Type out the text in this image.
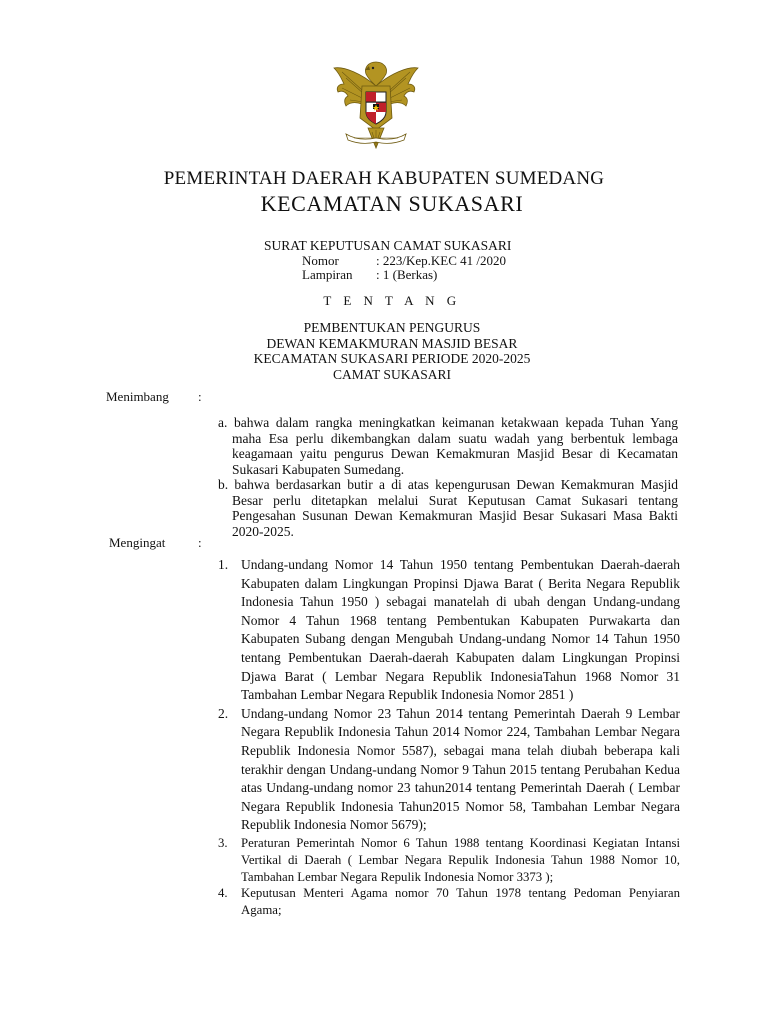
PEMERINTAH DAERAH KABUPATEN SUMEDANG
KECAMATAN SUKASARI
SURAT KEPUTUSAN CAMAT SUKASARI
Nomor	: 223/Kep.KEC 41 /2020
Lampiran : 1 (Berkas)
T E N T A N G
PEMBENTUKAN PENGURUS
DEWAN KEMAKMURAN MASJID BESAR
KECAMATAN SUKASARI PERIODE 2020-2025
CAMAT SUKASARI
Menimbang :
a. bahwa dalam rangka meningkatkan keimanan ketakwaan kepada Tuhan Yang maha Esa perlu dikembangkan dalam suatu wadah yang berbentuk lembaga keagamaan yaitu pengurus Dewan Kemakmuran Masjid Besar di Kecamatan Sukasari Kabupaten Sumedang.
b. bahwa berdasarkan butir a di atas kepengurusan Dewan Kemakmuran Masjid Besar perlu ditetapkan melalui Surat Keputusan Camat Sukasari tentang Pengesahan Susunan Dewan Kemakmuran Masjid Besar Sukasari Masa Bakti 2020-2025.
Mengingat	:
1. Undang-undang Nomor 14 Tahun 1950 tentang Pembentukan Daerah-daerah Kabupaten dalam Lingkungan Propinsi Djawa Barat ( Berita Negara Republik Indonesia Tahun 1950 ) sebagai manatelah di ubah dengan Undang-undang Nomor 4 Tahun 1968 tentang Pembentukan Kabupaten Purwakarta dan Kabupaten Subang dengan Mengubah Undang-undang Nomor 14 Tahun 1950 tentang Pembentukan Daerah-daerah Kabupaten dalam Lingkungan Propinsi Djawa Barat ( Lembar Negara Republik IndonesiaTahun 1968 Nomor 31 Tambahan Lembar Negara Republik Indonesia Nomor 2851 )
2. Undang-undang Nomor 23 Tahun 2014 tentang Pemerintah Daerah 9 Lembar Negara Republik Indonesia Tahun 2014 Nomor 224, Tambahan Lembar Negara Republik Indonesia Nomor 5587), sebagai mana telah diubah beberapa kali terakhir dengan Undang-undang Nomor 9 Tahun 2015 tentang Perubahan Kedua atas Undang-undang nomor 23 tahun2014 tentang Pemerintah Daerah ( Lembar Negara Republik Indonesia Tahun2015 Nomor 58, Tambahan Lembar Negara Republik Indonesia Nomor 5679);
3. Peraturan Pemerintah Nomor 6 Tahun 1988 tentang Koordinasi Kegiatan Intansi Vertikal di Daerah ( Lembar Negara Repulik Indonesia Tahun 1988 Nomor 10, Tambahan Lembar Negara Repulik Indonesia Nomor 3373 );
4. Keputusan Menteri Agama nomor 70 Tahun 1978 tentang Pedoman Penyiaran Agama;
